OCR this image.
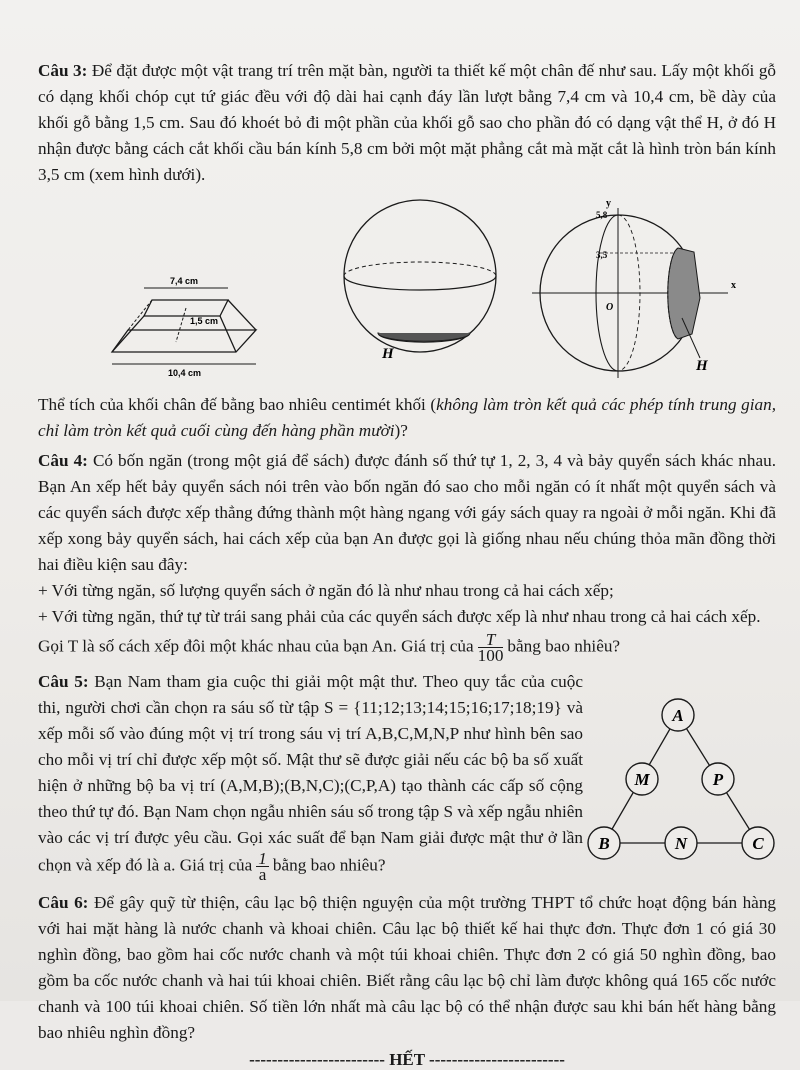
Câu 3: Để đặt được một vật trang trí trên mặt bàn, người ta thiết kế một chân đế như sau. Lấy một khối gỗ có dạng khối chóp cụt tứ giác đều với độ dài hai cạnh đáy lần lượt bằng 7,4 cm và 10,4 cm, bề dày của khối gỗ bằng 1,5 cm. Sau đó khoét bỏ đi một phần của khối gỗ sao cho phần đó có dạng vật thể H, ở đó H nhận được bằng cách cắt khối cầu bán kính 5,8 cm bởi một mặt phẳng cắt mà mặt cắt là hình tròn bán kính 3,5 cm (xem hình dưới).

7,4 cm
1,5 cm
10,4 cm
H
y
x
O
5,8
3,5
H

Thể tích của khối chân đế bằng bao nhiêu centimét khối (không làm tròn kết quả các phép tính trung gian, chỉ làm tròn kết quả cuối cùng đến hàng phần mười)?

Câu 4: Có bốn ngăn (trong một giá để sách) được đánh số thứ tự 1, 2, 3, 4 và bảy quyển sách khác nhau. Bạn An xếp hết bảy quyển sách nói trên vào bốn ngăn đó sao cho mỗi ngăn có ít nhất một quyển sách và các quyển sách được xếp thẳng đứng thành một hàng ngang với gáy sách quay ra ngoài ở mỗi ngăn. Khi đã xếp xong bảy quyển sách, hai cách xếp của bạn An được gọi là giống nhau nếu chúng thỏa mãn đồng thời hai điều kiện sau đây:

+ Với từng ngăn, số lượng quyển sách ở ngăn đó là như nhau trong cả hai cách xếp;

+ Với từng ngăn, thứ tự từ trái sang phải của các quyển sách được xếp là như nhau trong cả hai cách xếp.

Gọi T là số cách xếp đôi một khác nhau của bạn An. Giá trị của $\frac{T}{100}$ bằng bao nhiêu?

Câu 5: Bạn Nam tham gia cuộc thi giải một mật thư. Theo quy tắc của cuộc thi, người chơi cần chọn ra sáu số từ tập S = {11;12;13;14;15;16;17;18;19} và xếp mỗi số vào đúng một vị trí trong sáu vị trí A,B,C,M,N,P như hình bên sao cho mỗi vị trí chỉ được xếp một số. Mật thư sẽ được giải nếu các bộ ba số xuất hiện ở những bộ ba vị trí (A,M,B);(B,N,C);(C,P,A) tạo thành các cấp số cộng theo thứ tự đó. Bạn Nam chọn ngẫu nhiên sáu số trong tập S và xếp ngẫu nhiên vào các vị trí được yêu cầu. Gọi xác suất để bạn Nam giải được mật thư ở lần chọn và xếp đó là a. Giá trị của $\frac{1}{a}$ bằng bao nhiêu?

A
M	P
B	N	C

Câu 6: Để gây quỹ từ thiện, câu lạc bộ thiện nguyện của một trường THPT tổ chức hoạt động bán hàng với hai mặt hàng là nước chanh và khoai chiên. Câu lạc bộ thiết kế hai thực đơn. Thực đơn 1 có giá 30 nghìn đồng, bao gồm hai cốc nước chanh và một túi khoai chiên. Thực đơn 2 có giá 50 nghìn đồng, bao gồm ba cốc nước chanh và hai túi khoai chiên. Biết rằng câu lạc bộ chỉ làm được không quá 165 cốc nước chanh và 100 túi khoai chiên. Số tiền lớn nhất mà câu lạc bộ có thể nhận được sau khi bán hết hàng bằng bao nhiêu nghìn đồng?

------------------------ HẾT ------------------------
